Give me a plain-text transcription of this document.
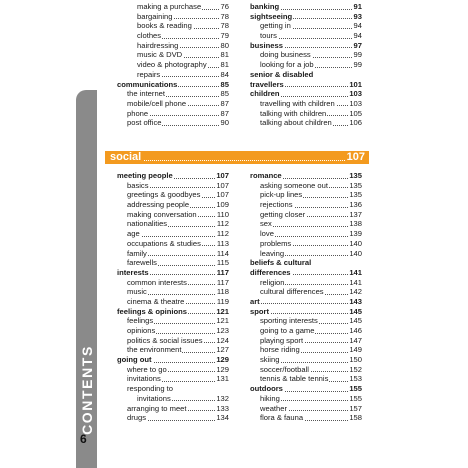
CONTENTS
6
making a purchase	76
bargaining	78
books & reading	78
clothes	79
hairdressing	80
music & DVD	81
video & photography 81
repairs	84
communications	85
the internet	85
mobile/cell phone	87
phone	87
post office	90
banking	91
sightseeing	93
getting in	94
tours	94
business	97
doing business	99
looking for a job	99
senior & disabled
travellers	101
children	103
travelling with children 103
talking with children	105
talking about children 106
social	107
meeting people	107
basics	107
greetings & goodbyes 107
addressing people	109
making conversation	110
nationalities	112
age	112
occupations & studies 113
family	114
farewells	115
interests	117
common interests	117
music	118
cinema & theatre	119
feelings & opinions	121
feelings	121
opinions	123
politics & social issues 124
the environment	127
going out	129
where to go	129
invitations	131
responding to
invitations	132
arranging to meet	133
drugs	134
romance	135
asking someone out	135
pick-up lines	135
rejections	136
getting closer	137
sex	138
love	139
problems	140
leaving	140
beliefs & cultural
differences	141
religion	141
cultural differences	142
art	143
sport	145
sporting interests	145
going to a game	146
playing sport	147
horse riding	149
skiing	150
soccer/football	152
tennis & table tennis	153
outdoors	155
hiking	155
weather	157
flora & fauna	158
